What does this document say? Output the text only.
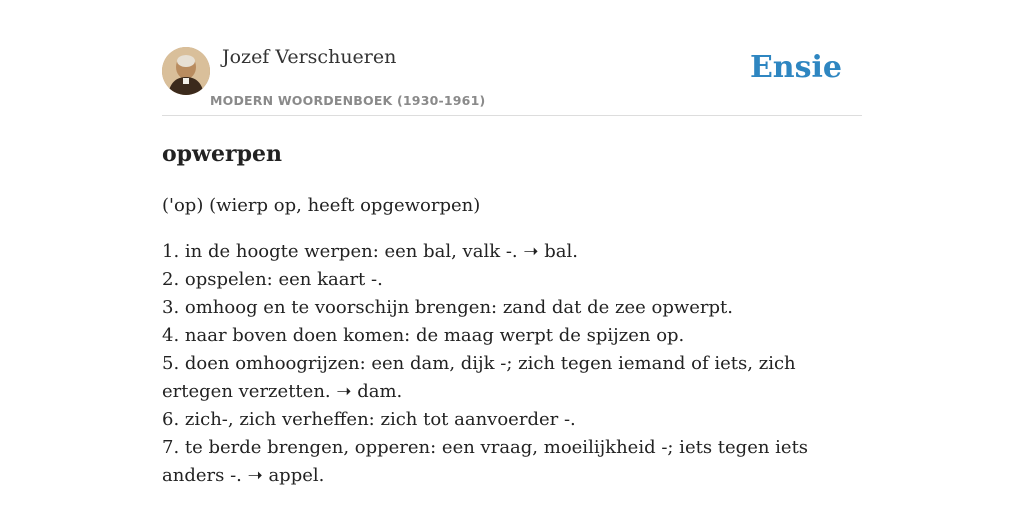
Jozef Verschueren
MODERN WOORDENBOEK (1930-1961)
Ensie
opwerpen
('op) (wierp op, heeft opgeworpen)
1. in de hoogte werpen: een bal, valk -. ➝ bal.
2. opspelen: een kaart -.
3. omhoog en te voorschijn brengen: zand dat de zee opwerpt.
4. naar boven doen komen: de maag werpt de spijzen op.
5. doen omhoogrijzen: een dam, dijk -; zich tegen iemand of iets, zich ertegen verzetten. ➝ dam.
6. zich-, zich verheffen: zich tot aanvoerder -.
7. te berde brengen, opperen: een vraag, moeilijkheid -; iets tegen iets anders -. ➝ appel.
